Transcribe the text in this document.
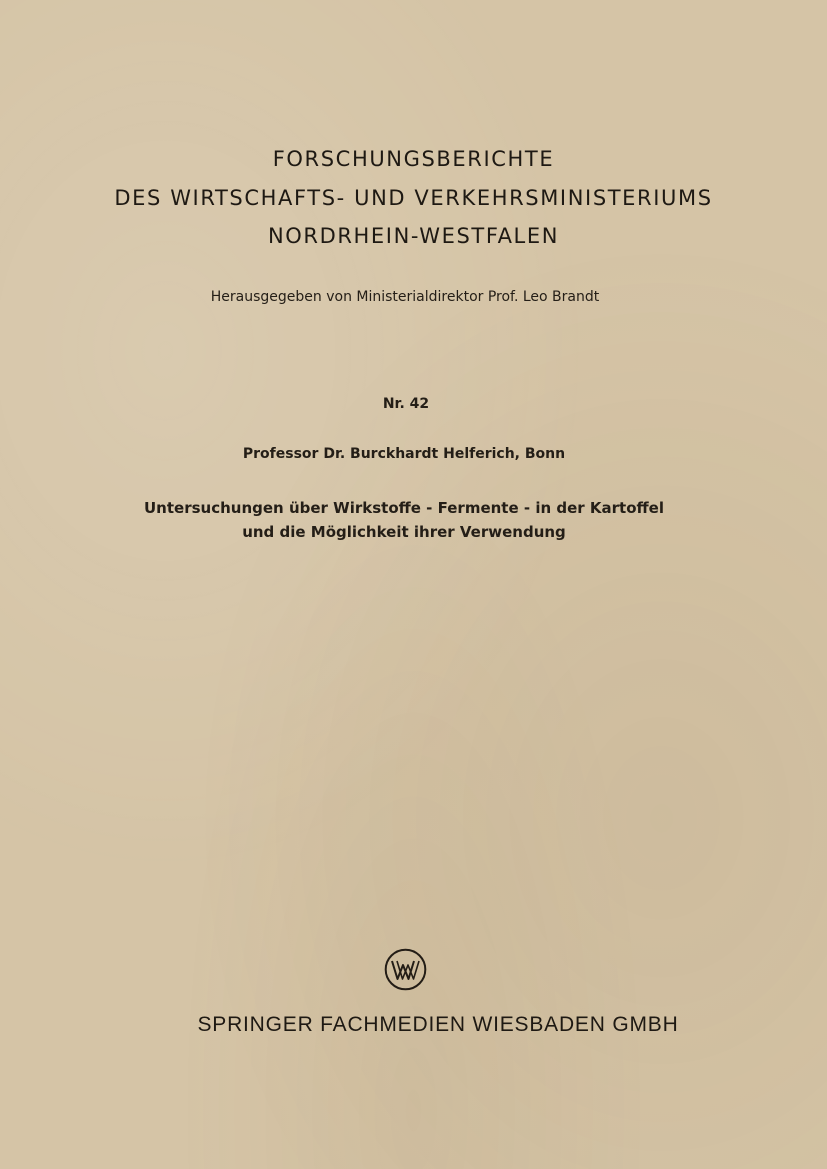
FORSCHUNGSBERICHTE
DES WIRTSCHAFTS- UND VERKEHRSMINISTERIUMS
NORDRHEIN-WESTFALEN
Herausgegeben von Ministerialdirektor Prof. Leo Brandt
Nr. 42
Professor Dr. Burckhardt Helferich, Bonn
Untersuchungen über Wirkstoffe - Fermente - in der Kartoffel
und die Möglichkeit ihrer Verwendung
SPRINGER FACHMEDIEN WIESBADEN GMBH
